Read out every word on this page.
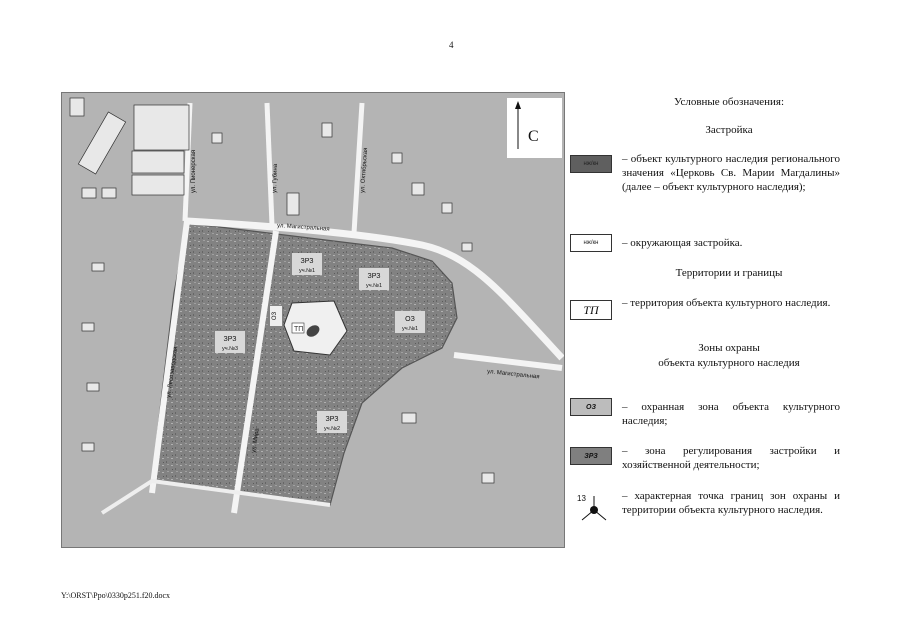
4
ТП
ЗРЗ
уч.№1
ЗРЗ
уч.№1
ОЗ
уч.№1
ЗРЗ
уч.№3
ЗРЗ
уч.№2
ОЗ
ул. Магистральная
ул. Магистральная
ул. Лесозаводская
ул. Мира
ул. Пионерская	ул. Губина	ул. Октябрьская
С
Условные обозначения:
Застройка
нж/кн	– объект культурного наследия регионального значения «Церковь Св. Марии Магдалины» (далее – объект культурного наследия);
нж/кн	– окружающая застройка.
Территории и границы
ТП	– территория объекта культурного наследия.
Зоны охраны
объекта культурного наследия
ОЗ	– охранная зона объекта культурного наследия;
ЗРЗ	– зона регулирования застройки и хозяйственной деятельности;
13	– характерная точка границ зон охраны и территории объекта культурного наследия.
Y:\ORST\Ppo\0330p251.f20.docx
